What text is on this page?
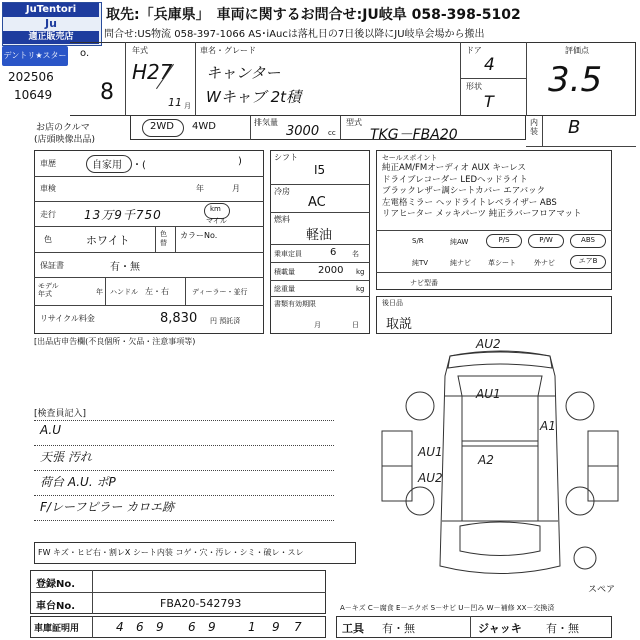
JuTentori
Ju
適正販売店
取先:「兵庫県」　車両に関するお問合せ:JU岐阜 058-398-5102
問合せ:US物流 058-397-1066 AS･iAucは落札日の7日後以降にJU岐阜会場から搬出
デントリ★スター
202506
10649
o.
8
年式
H27
11 月
車名・グレード
キャンター
Wキャブ 2t積
ドア
4
形状
T
評価点
3.5
お店のクルマ
(店頭映像出品)
2WD 4WD	排気量
3000 cc
型式
TKG－FBA20
内装 B
車歴	自家用 ・(	)
車検	年	月
走行 13万9千750	km
マイル
色	ホワイト	色替
カラーNo.
保証書	有・無
モデル年式	年 ハンドル 左・右	ディーラー・並行
リサイクル料金	8,830 円 預託済
シフト
I5
冷房
AC
燃料
軽油
乗車定員	6 名
積載量 2000 kg
総重量	kg
書類有効期限
月	日
セールスポイント
純正AM/FMオーディオ AUX キーレス
ドライブレコーダー LEDヘッドライト
ブラックレザー調シートカバー エアバック
左電格ミラー ヘッドライトレベライザー ABS
リアヒーター メッキパーツ 純正ラバーフロアマット
S/R	純AW	P/S	P/W	ABS
純TV	純ナビ 革シート	外ナビ	エアB
ナビ型番
後日品
取説
[出品店申告欄(不良個所・欠品・注意事項等)
[検査員記入]
A.U
天張 汚れ
荷台 A.U. ポP
F/レーフピラー カロエ跡
AU2
AU1
A1
AU1
A2
AU2
スペア
A－キズ C－腐食 E－エクボ S－サビ U－凹み W－補修 XX－交換済
FW キズ・ヒビ右・割レX シート内装 コゲ・穴・汚レ・シミ・破レ・スレ
登録No.
車台No.	FBA20-542793
車庫証明用	4 6 9 6 9	1 9 7	工具 有・無	ジャッキ 有・無
